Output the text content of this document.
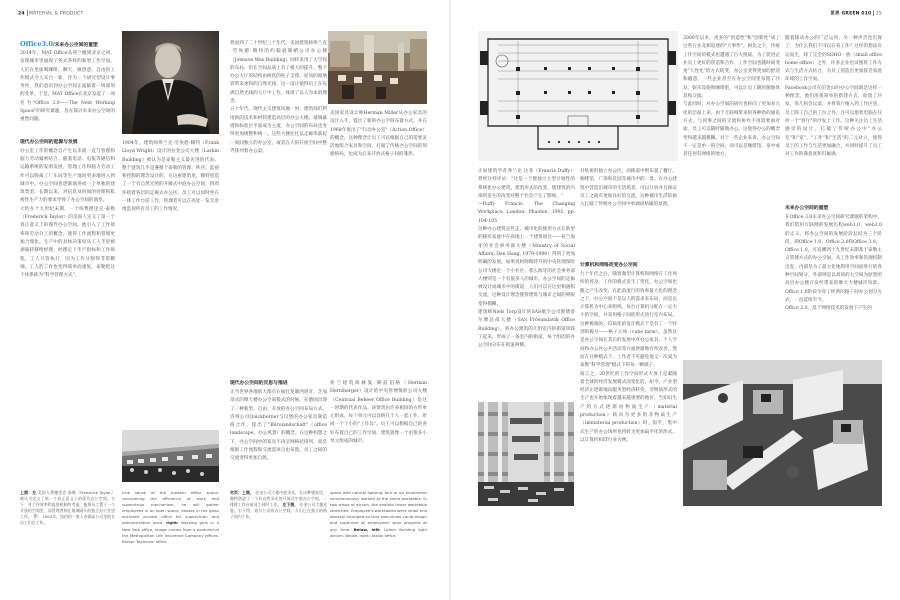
24 MATERIAL & PRODUCT
Office3.0/未来办公空间的重塑

2014年，MAT Office从荷兰搬到北京之初，发现城市里涌现了各式各样的新型工作空间。人们在里面喝咖啡、聊天、做创意，自由的工作模式令人耳目一新。作为一个研究型设计事务所，我们意识到办公空间正面临着一场深刻的变革。于是，MAT Office在北京发起了一项名为"Office 3.0——The Next Working Space"的研究课题，旨在探讨未来办公空间的重塑问题。

现代办公空间的起源与发展

办公室工作的概念自产生以来就一直与管理和脑力劳动紧密结合。随着电话、电报等通信和运输系统的发明发展，管理工作和脑力劳动工作可以脱离工厂车间等生产地而更多地进入到城市中，办公空间也逐渐演进成一个单独的建筑类型。长期以来，对信息及时间的处理和私密性生产力的要求导致了办公空间的演变。

大约在十九世纪末期，一个叫费德里克·泰勒（Frederick Taylor）的美国人定义了第一个真正意义上的现代办公空间。他引入了工作效率和劳动分工的概念，使得工作流程和管理更加合理化。生产中的具体决策权从工人手里被剥离转移给经理，经理定下生产指标和工作规程，工人只管执行，因为工作分割得非常精细，工人的工作也变得简单而重复。泰勒把这个体系称为"科学管理方式"。

1904年，建筑师弗兰克·劳埃德·赖特（Frank Lloyd Wright）设计的拉金公司大楼（Larkin Building）被认为是泰勒主义最先进的代表。整个建筑几乎是遵循于泰勒的管理、秩序、监视和控制的理念设计的。在这座建筑里，赖特创造了一个有自然光照的开敞式中庭办公空间，四周环绕着各层的走廊式办公区，员工可以同时坐在一排工作台前工作，管理者可以在高处一览无余地监视所有员工的工作情况。

然而到了二十世纪三十年代，美国建筑师弗兰克·劳埃德·赖特的约翰逊制蜡公司办公楼（Johnson Wax Building）同样采用了大空间的布局，但在空间品质上有了极大的提升。整个办公大厅的结构由树状的柱子支撑，屋顶的玻璃管带来柔和的自然光线，这一设计使得员工在充满自然光线的大厅中工作，体现了以人为本的理念。

五十年代，现代主义建筑风靡一时，建筑师们利用新的技术和材料建造高层的办公大楼。玻璃幕墙和标准层平面成为主流，办公空间的布局也变得更加规整和统一。这些大楼往往以走廊串联起一间间独立的办公室，或者在大的开放空间中整齐排列着办公桌。

美国家具设计师Herman Miller从办公家具的设计入手，提出了新的办公空间布置方式，并在1968年推出了"行动办公室"（Action Office）的概念。这种理念让员工可以根据自己的需要灵活地组合家具和空间，打破了传统办公空间的刻板格局，也成为后来开放式格子间的雏形。

现代办公空间的反思与推进

正当世界各地的大都市在疯狂复制西班牙、芝加哥式的摩天楼办公空间模式的时候，在德国出现了一种新型、自由、开放的办公空间布局方式。咨询公司Quickborner与汉堡的办公家具制造商合作，提出了"Bürolandschaft"（office landscape，办公风景）的概念。在这种构想之下，办公空间中的家具不再呈网格状排列，而是根据工作流程和交流需求自由布置，员工之间的交流变得更加自然。

荷兰建筑师赫曼·赫兹伯格（Herman Hertzberger）设计的中央管理保险公司大楼（Centraal Beheer Office Building）是这一时期的代表作品。该建筑由许多相同的方形单元组成，每个单元可以容纳几个人一起工作，形成一个个小的"工作岛"。员工可以根据自己的喜好布置自己的工作空间，建筑就像一个由很多小单元组成的城市。

上图：左 美国人费德里克·泰勒（Frederick Taylor）被认为定义了第一个真正意义上的现代办公空间。右下：对工作效率和监督机制的考虑，他将员工置于一个开放的空间里，而管理者则在玻璃隔开的独立办公室里工作。 下： 1904年，纽约的一家人寿保险公司里的女员工们在工作。
true sense of the modern office space: considering the efficiency of work and supervision mechanism, he will gather employees in an open space, bosses in the glass enclosed private office for supervision and administration work. right: Working girls in a New York office, image comes from a postcard of the Metropolitan Life Insurance Company offices. Below: Taylorism office.
对页：上图， 拉金公司大楼中庭采光，在这种建筑里，赖特创造了一个有自然采光的开放式中庭办公空间，一排排工作台前员工同时工作。 左下图， 拉金公司大楼光庭。右下图，迪尔公司的办公空间，人们已在独立的格子间内工作。
space with natural lighting; four or six employees simultaneously worked at the same worktable. In two wings of atrium, the endless linear worktable stretched. Employee's worktables were small and densely arranged so that executives could assign and supervise all employees' work progress at any time. Below, left: Larkin Building light atrium. Below, right: Action office.
世界 GREEN 010 25

正如建筑学者弗兰克·达菲（Francis Duffy）曾经这样评论："这是一个使独立大型计划性的系统化办公建筑，建筑形式的改变，使建筑的内部所发生的改变对整个社会产生了影响。"

—Duffy Francis. The Changing Workplace. London: Phaidon, 1992. pp. 104-105

这种办公建筑宣传走、城市化的使用方式在新型的移民家庭中在高地上一个建筑项目——荷兰海牙的社会事务部大楼（Ministry of Social Affairs, Den Haag, 1979-1990）得到了更加明确的发展。如果说阿姆斯特丹的中央管理保险公司大楼是一个小社区，那么海牙的社会事务部大楼则是一个有很多人的城市。办公空间的走廊被设计成城市中的街道，人们可以在这里相遇和交流，这种设计理念使得建筑与城市之间的界限变得模糊。

建筑师Niels Torp设计的SAS航空公司斯德哥尔摩总部大楼（SAS Frösundavik Office Building），将办公建筑的几组室内的街道串联了起来，形成了一条室内的街道，每个组团的办公空间分布在街道两侧。

对私密的独立办公区，而街道中则布置了餐厅、咖啡馆、广场和花园等城市中的一景。在办公建筑中营造出城市的生活场景，可以开放并且保证员工之间有更加良好的交流，这种城市生活的植入打破了传统办公空间中单调而枯燥的氛围。

计算机和网络改变办公空间

九十年代之后，随着微型计算机和网络在工作场所的普及，工作的模式发生了变化，办公空间也随之产生改变。在此前流行的效率最大化的理念之下，办公空间不是以人的需求来布局，而是以计算机为中心来组织。每台计算机分配在一定大小的空间，并采用格子间的形式进行室内布局。这种极端的、均质化的设计模式于是有了一个特别的称号——格子立场（cube farm）。虽然这是办公空间在其后的发展中对办公家具、个人空间和办公区公共活动等方面逐渐地有所改善，然而在这种模式下，工作者不可避免地又一次成为泰勒"科学管理"模式下的每一颗棋子。

简言之，20世纪的工作空间形式大体上是紧随着全球的经济发展模式而变化的。如今，产业型经济正逐渐地向服务型经济转变，非物质形式的生产也开始体现着越来越重要的地位。当知识生产的方式逐渐由物质生产（material production）转向为更多的非物质生产（immaterial production）时，似乎，集中式生产的办公场所也将转为更加扁平化的形式。以计算机和IT行业为例。

2000年以来，更多的"创造性"和"创新性"成了这些行业竞相追逐的"大事件"。相比之下，传统工作空间的模式也遭遇了巨大挑战。为了促进企业员工更好的创造和合作，工作空间也随时间变更"人性化"的方式转变，办公室变得更加的舒适和随意。一些企业甚至在办公空间里布置了沙发、娱乐设施和咖啡吧，可以让员工随时随地休息和交流。

与此同时，对办公空间的研究也转向了更加多元化的层面上来。由于互联网带来的各种新的通讯方式，与同事之间的交流和协作不再需要面对面，员工可以随时随地办公，这使得办公的概念变得越来越模糊。对于一些企业来说，办公空间不一定是单一的空间，而可以是咖啡馆、家中或者任何有网络的地方。

随着移动办公的广泛运用，另一种声音也出现了：为什么我们不可以在家工作？这样的想法应运而生，除了完全的SOHO一族（small office home office）之外，许多企业也试图将工作方式与生活方式结合，为员工创造出更加接近家庭环境的工作空间。

Facebook公司在旧金山的办公空间就是这样一种理念。他们用很简单的搭建方式，放置了沙发、茶几和会议桌，并将客厅植入到工作区里，员工除了自己的工位之外，还可以抱着电脑在任何一个"客厅"的沙发上工作。这种关注员工生活感受的设计，打破了传统办公中"办公室"和"家"、"工作"和"生活"的二元对立，使得员工的工作与生活更加融合，并同时提升了员工对工作的满意度和归属感。

未来办公空间的重塑

在Office 3.0未来办公空间研究课题的架构中，我们借用互联网的发展历程web1.0、web2.0的定义，将办公空间的发展阶段总结为三个阶段，即Office 1.0、Office 2.0和Office 3.0。

Office 1.0，可追溯到十九世纪末期基于泰勒主义管理方式的办公空间。从工作效率和管理机制出发，内部是为了最大化地利用空间而进行的各种空间划分，外部则是以高效的大空间为原型的高层办公楼开发所带来的摩天大楼城市风景。Office 1.0阶段孕育了经典的格子间办公划分方式，一直延续至今。

Office 2.0，基于网络技术的发展下产生的
